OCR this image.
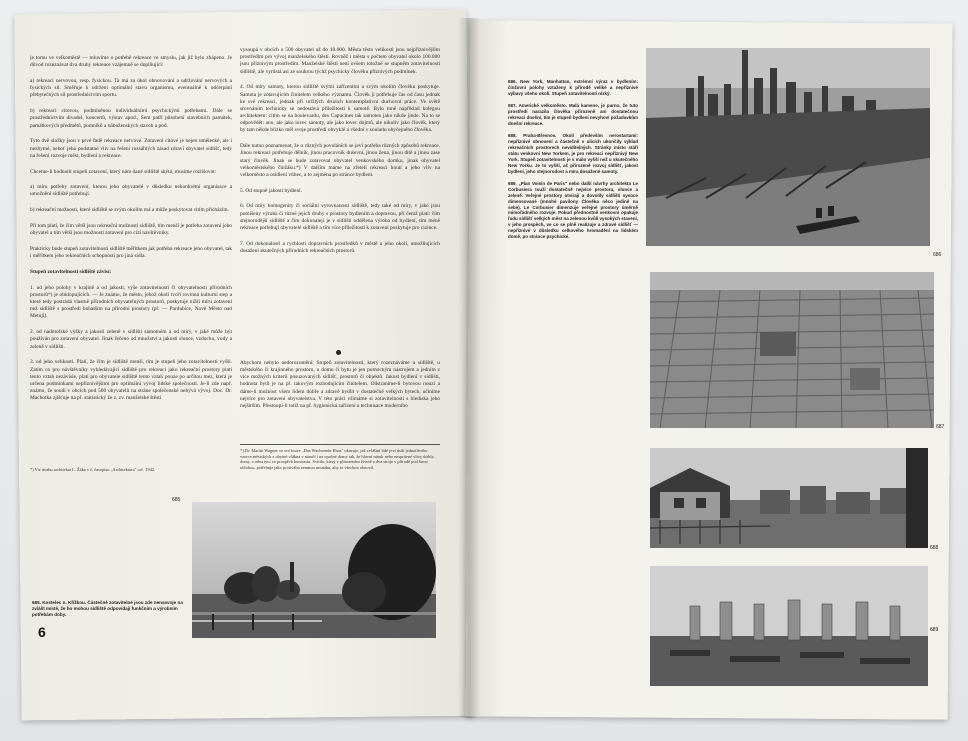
je tomu ve velkoměstě — mluvíme o potřebě rekreace ve smyslu, jak již bylo zhápeno. Je důvod rozeznávat dva druhy rekreace vzájemně se doplňující:

a) rekreaci nervovou, resp. fysickou. Ta má za úkol obnovování a udržování nervových a fysických sil. Směřuje k udržení optimální stavu organismu, eventuálně k odčerpání přebytečných sil prostřednictvím sportu.

b) rekreaci citovou, podmíněnou individuálními psychickými potřebami. Dále se prostřednictvím divadel, koncertů, výstav apod., Sem patří působení stavebních památek, památkových předmětů, pomníků a náboženských staveb a pod.

Tyto dvě složky jsou v prvé řadě rekreace nervové. Zotavení citové je nejen umělecké, ale i nezbytné, neboť jeho podstatné vliv na řešení rozsáhlých zásad zdraví obyvatel sídlišť, tedy na řešení rozvoje měst, bydlení a rekreace.

Chceme-li hodnotit stupeň zotavení, který nám dané sídliště skýtá, musíme rozlišovat:

a) míru potřeby zotavení, kterou jeho obyvatelé v důsledku nekonkrétní organisace a umožnění sídliště potřebují.

b) rekreační možnosti, které sídliště se svým okolím má a může poskytovat citím přicházím.

Při tom platí, že čím větší jsou rekreační možnosti sídliště, tím menší je potřeba zotavení jeho obyvatel a tím větší jsou možnosti zotavení pro cizí návštěvníky.

Prakticky bude stupeň zotavitelnosti sídliště měřítkem jak potřeba rekreace jeho obyvatel, tak i měřítkem jeho rekreačních schopností pro jiná sídla.

Stupeň zotavitelnosti sídliště závisí:

1. od jeho polohy v krajině a od jakosti, výše zotavitelnosti či obyvatelnosti přírodních prostorů*) je obklopujících. — Je známo, že město, jehož okolí tvoří rovinná kulturní step a které tedy postrádá vlastně přírodních obyvatelných prostorů, poskytuje nižší míru zotavení než sídliště s prostředí bohatším na přírodní prostory (př. — Pardubice, Nové Město nad Metují).

2. od nadmořské výšky a jakosti zeleně v sídlišti samotném a od míry, v jaké může být používán pro zotavení obyvatel. Jinak řečeno od množství a jakosti slunce, vzduchu, vody a zeleně v sídlišti.

3. od jeho velikosti. Platí, že čím je sídliště menší, tím je stupeň jeho zotavitelnosti vyšší. Zatím co pro návštěvníky vyhledávající sídliště pro rekreaci jako rekreační prostory platí tento vztah nezávisle, platí pro obyvatele sídliště tento vztah pouze po určitou mez, která je určena podmínkami nepříznivějšími pro optimální vývoj lidské společnosti. Je-li zde např. známo, že soudí v obcích pod 500 obyvatelů na stráne společenské nebývá vývoj. Doc. Dr. Machotka zjišťuje na př. statistický že z. zv. manželské štěstí

*) Viz úvahu architekta L. Žáka v č. časopisu „Architektura" roč. 1942.

vysoupá v obcích o 500 obyvatel až do 10.000. Města těsto velikosti jsou nejpříznivějším prostředím pro vývoj manželského štěstí. Rovněž i města s počtem obyvatel okolo 100.000 jsou příznivým prostředím. Manželské štěstí není ovšem totožné se stupněm zotavitelnosti sídliště, ale vyrůstá asi ze souhrnu týchž psychicky člověku příznivých podmínek.

4. Od míry samoty, kterou sídliště svými zařízeními a svým okolím člověku poskytuje. Samota je zotavujícím činitelem velkého významu. Člověk ji potřebuje čas od času jednak ke své rekreaci, jednak při určitých druzích kontemplativní duchovní práce. Ve světě srovnáním technicky se nedostává příležitostí k samotě. Bylo mně například kolegou architektem: citím se na boulevardu, des Capucines tak samoten jako nikde jinde. Na to se odpovědět: ano, ale jako lovec samoty, ale jako lovec dojmů, ale nikoliv jako člověk, který by tam někde blízko měl svoje prostředí obvyklé a všední v souladu obyčejného člověka.

Dále nutno poznamenat, že o různých povoláních se jeví potřeba různých způsobů rekreace. Jinou rekreaci potřebuje dělník, jinou pracovník duševní, jinou žena, jinou dítě a jinou zase starý člověk. Jinak se bude zotavovat obyvatel venkovského domku, jinak obyvatel velkoměstského činžáku.*) V dalším máme na zřeteli rekreaci hnutí a jeho vliv na velkoměsto a osídlení vůbec, a to zejména po stránce bydlení.

5. Od stupně jakosti bydlení.

6. Od míry homogenity či sociální vyrovnanosti sídliště, tedy také od míry, v jaké jsou pomíšeny výroba či různé jejich druhy s prostory bydlením a dopravou, při čemž platí: čím stejnorodější sídliště a čím dokonaleji je v sídlišti oddělena výroba od bydlení, tím méně rekreace potřebují obyvatelé sídliště a tím více příležitostí k zotavení poskytuje pro cizince.

7. Od dokonalosti a rychlosti dopravních prostředků v městě a jeho okolí, umožňujících dosažení skutečných přírodních rekreačních prostorů.

Abychom nebylo nedorozumění: Stupeň zotavitelnosti, který rozeznáváme u sídliště, u městského či krajinného prostoru, u domu či bytu je jen pomocným nástrojem a jedním z více možných kriterií posuzovaných sídlišť, prostorů či objektů. Jakost bydlení v sídlišti, hodnota bytů je na př. takovým rozhodujícím činitelem. Odstraníme-li bytovou nouzi a dáme-li možnost všem lidem dobře a zdravě bydlit v dostatečně velkých bytech, učiníme nejvíce pro zotavení obyvatelstva. V této práci všímáme si zotavitelnosti s hlediska jeho nejširším. Přestoupí-li totiž na př. hygienická zařízení a technisace moderního
*) Dr. Martin Wagner ve své knize „Das Wachsende Haus" ukazuje, jak zvláštní lidé jeví úsilí jednotlivého vzorce městských z obytné vlákna v náručí i na opačné domy tak, že hlavní náruk nebo nesprávné vlivy útrhly, domy, v něm tyto ve prospěch kontrastu. Svítilo, který v přirozeném životě a dva stroje v přírodě pod širou oblohou, potřebuje jako protiváhu zemnou nesnáhu, aby to všechno obnovil.
685
685. Kostelec n. Křížkou. Částečně zotavitelné jsou zde nenasvoje na zvlášt místě, že ho mohou sídliště odpovídají funkčním a výrobním potřebám doby.
6

686. New York, Manhattan, extrémní výraz v bydlením: činžovní polohy vztaženy k přírodě veliké a nepříznivé výbavy všeho okolí. Stupeň zotavitelnosti nízký.

687. Americké velkoměsto. Malá kamene, je parno, že tuto prostředí narazila člověka přirozeně ani dostatečnou rekreaci dnešní, tím je stupeň bydlení nevyhoví požadavkům dnešní rekreace.

688. Praha-Břevnov. Okolí především nerostartami: nepříznivé obnovení a částečně v ulicích ukončily výklad rekreačních prostorech neviditelných. Stránky místo stáří státu venkovní New Yorkem, je pro rekreaci nepříznivý New York. Stupeň zotavitelnosti je v málo vyšší než u skutečného New Yorku. Je to vyšší, ač přirozeně rozvoj sídlišť, jakost bydlení, jeho stejnorodost a míra dosažené samoty.

689. „Plan Voisin de Paris" nebo další návrhy architekta Le Corbusiera touží dostatečně nejvíce prostoru, slunce a zeleně. Veřejné prostory otvírají a dovolily sídlišti vysoce dimensované (mnohé pavilony Člověka něco jedině na sebe). Le Corbusier dimenzuje veřejné prostory úměrně mimořádného rozvoje. Pokud přednostně venkovní opakuje řadu sídlišť velkých měst na zelenou kvůli vysokých stavení, v jeho prospěch, ve co se plně realizuje a zdravé sídlišť — nepříznivé v důsledku celkového hromadění na lidském domě, po stránce psychické.

686
687
688
689
